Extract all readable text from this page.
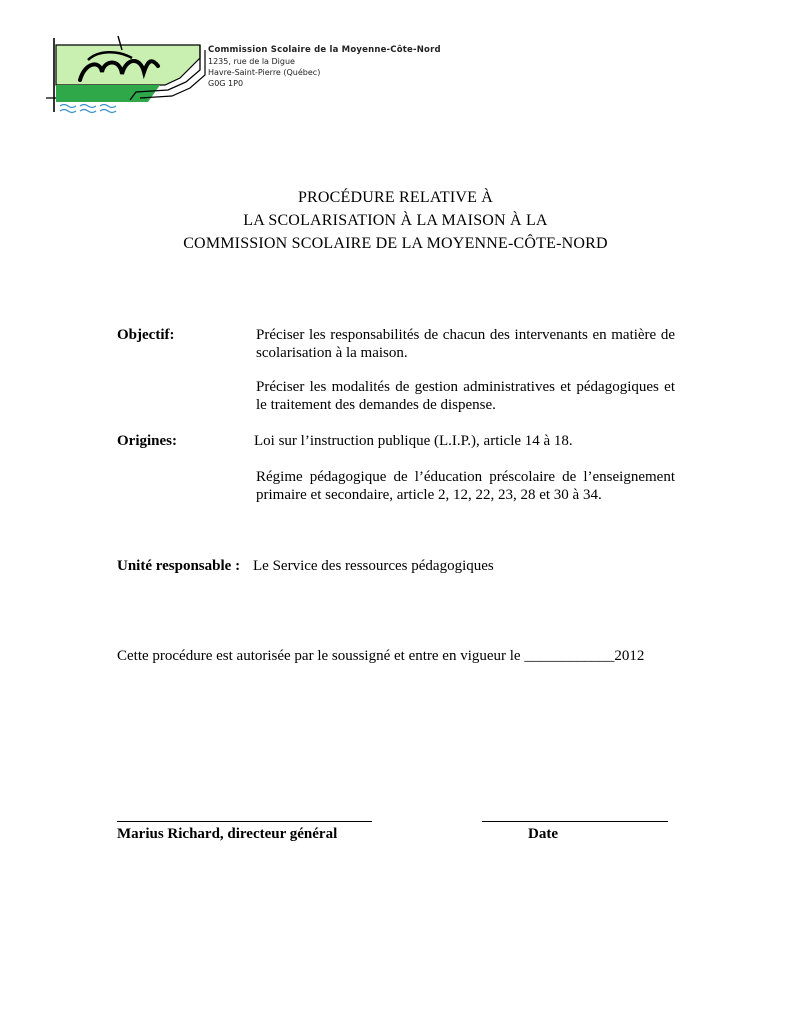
Commission Scolaire de la Moyenne-Côte-Nord
1235, rue de la Digue
Havre-Saint-Pierre (Québec)
G0G 1P0
PROCÉDURE RELATIVE À
LA SCOLARISATION À LA MAISON À LA
COMMISSION SCOLAIRE DE LA MOYENNE-CÔTE-NORD
Objectif:	Préciser les responsabilités de chacun des intervenants en matière de scolarisation à la maison.
Préciser les modalités de gestion administratives et pédagogiques et le traitement des demandes de dispense.
Origines:	Loi sur l’instruction publique (L.I.P.), article 14 à 18.
Régime pédagogique de l’éducation préscolaire de l’enseignement primaire et secondaire, article 2, 12, 22, 23, 28 et 30 à 34.
Unité responsable : Le Service des ressources pédagogiques
Cette procédure est autorisée par le soussigné et entre en vigueur le ____________2012
Marius Richard, directeur général	Date
